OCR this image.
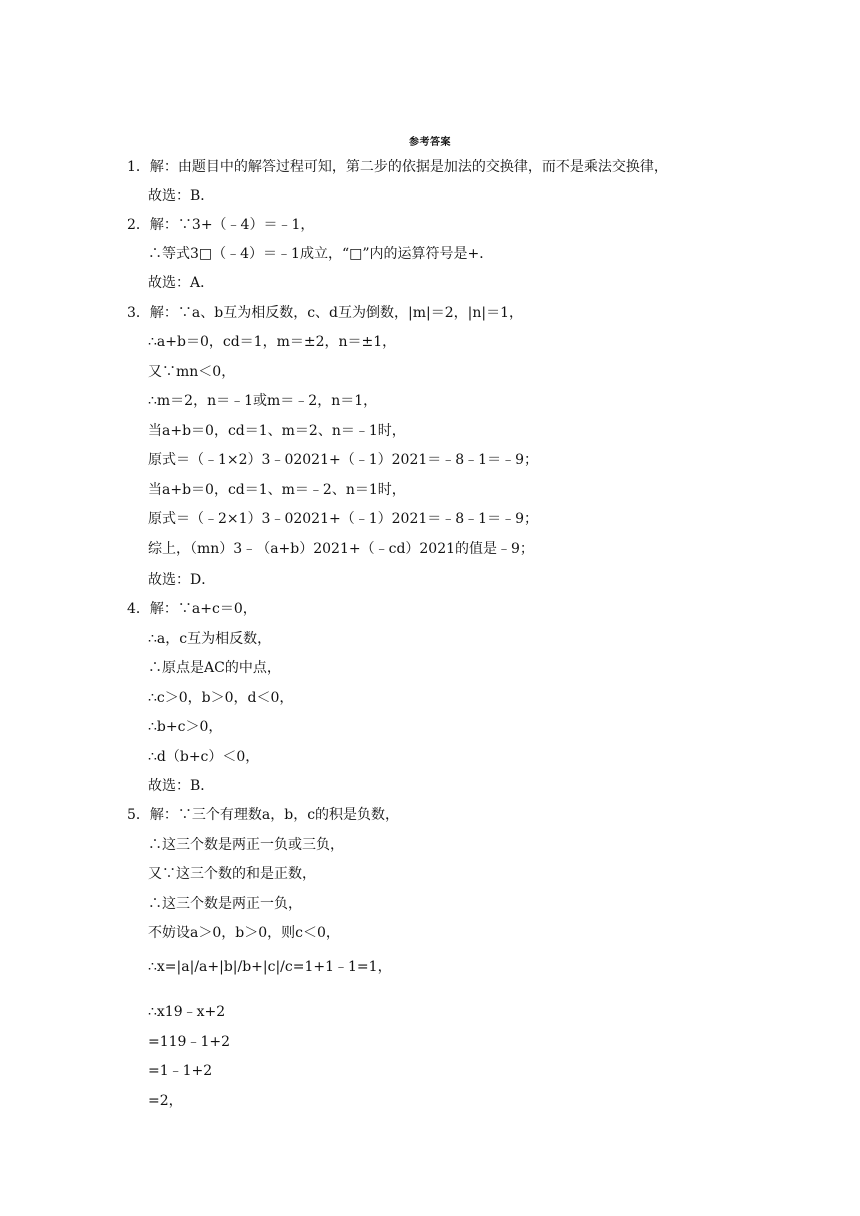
参考答案
1．解：由题目中的解答过程可知，第二步的依据是加法的交换律，而不是乘法交换律，
故选：B．
2．解：∵3+（﹣4）＝﹣1，
∴等式3□（﹣4）＝﹣1成立，“□”内的运算符号是+．
故选：A．
3．解：∵a、b互为相反数，c、d互为倒数，|m|＝2，|n|＝1，
∴a+b＝0，cd＝1，m＝±2，n＝±1，
又∵mn＜0，
∴m＝2，n＝﹣1或m＝﹣2，n＝1，
当a+b＝0，cd＝1、m＝2、n＝﹣1时，
原式＝（﹣1×2）3﹣02021+（﹣1）2021＝﹣8﹣1＝﹣9；
当a+b＝0，cd＝1、m＝﹣2、n＝1时，
原式＝（﹣2×1）3﹣02021+（﹣1）2021＝﹣8﹣1＝﹣9；
综上，（mn）3﹣（a+b）2021+（﹣cd）2021的值是﹣9；
故选：D．
4．解：∵a+c＝0，
∴a，c互为相反数，
∴原点是AC的中点，
∴c＞0，b＞0，d＜0，
∴b+c＞0，
∴d（b+c）＜0，
故选：B．
5．解：∵三个有理数a，b，c的积是负数，
∴这三个数是两正一负或三负，
又∵这三个数的和是正数，
∴这三个数是两正一负，
不妨设a＞0，b＞0，则c＜0，
∴x=|a|/a+|b|/b+|c|/c=1+1﹣1=1，
∴x19﹣x+2
=119﹣1+2
=1﹣1+2
=2，
